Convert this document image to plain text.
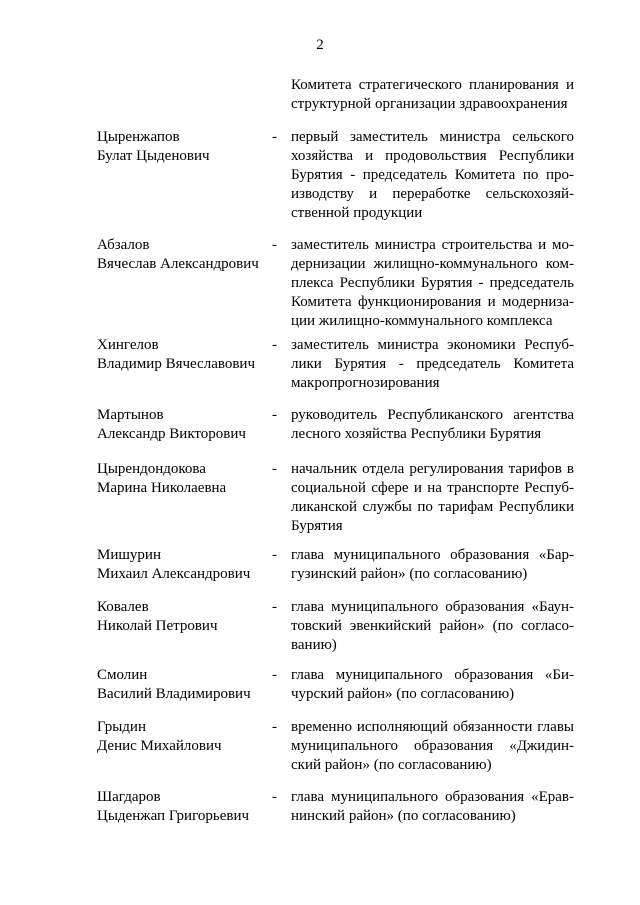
2
Комитета стратегического планирования и
структурной организации здравоохранения
Цыренжапов
Булат Цыденович
- первый заместитель министра сельского
хозяйства и продовольствия Республики
Бурятия - председатель Комитета по про-
изводству и переработке сельскохозяй-
ственной продукции
Абзалов
Вячеслав Александрович
- заместитель министра строительства и мо-
дернизации жилищно-коммунального ком-
плекса Республики Бурятия - председатель
Комитета функционирования и модерниза-
ции жилищно-коммунального комплекса
Хингелов
Владимир Вячеславович
- заместитель министра экономики Респуб-
лики Бурятия - председатель Комитета
макропрогнозирования
Мартынов
Александр Викторович
- руководитель Республиканского агентства
лесного хозяйства Республики Бурятия
Цырендондокова
Марина Николаевна
- начальник отдела регулирования тарифов в
социальной сфере и на транспорте Респуб-
ликанской службы по тарифам Республики
Бурятия
Мишурин
Михаил Александрович
- глава муниципального образования «Бар-
гузинский район» (по согласованию)
Ковалев
Николай Петрович
- глава муниципального образования «Баун-
товский эвенкийский район» (по согласо-
ванию)
Смолин
Василий Владимирович
- глава муниципального образования «Би-
чурский район» (по согласованию)
Грыдин
Денис Михайлович
- временно исполняющий обязанности главы
муниципального образования «Джидин-
ский район» (по согласованию)
Шагдаров
Цыденжап Григорьевич
- глава муниципального образования «Ерав-
нинский район» (по согласованию)
